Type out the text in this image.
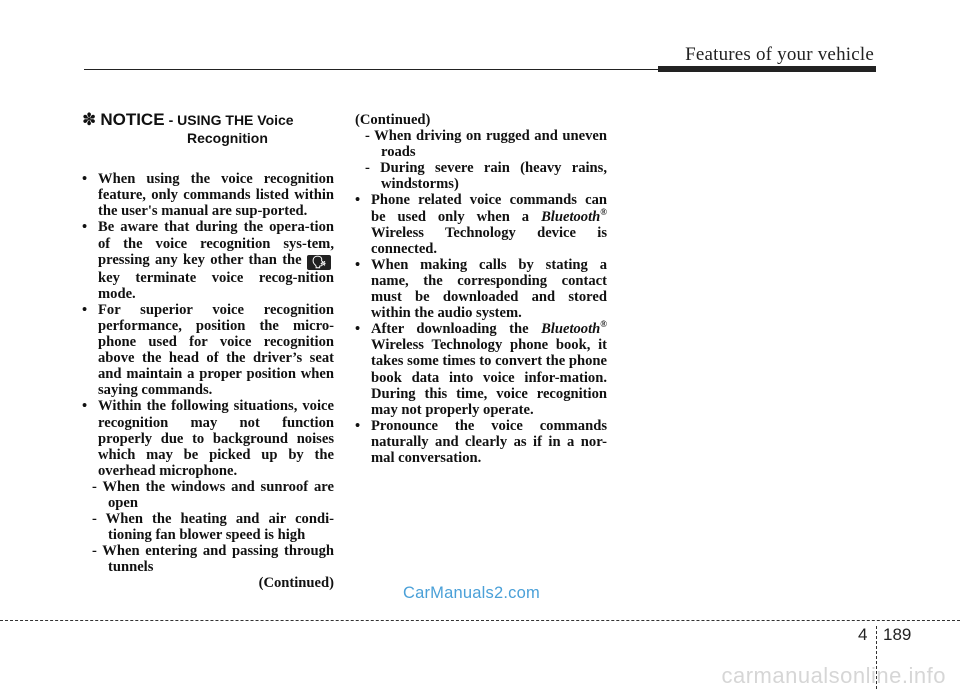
Features of your vehicle
✽ NOTICE - USING THE Voice
Recognition
• When using the voice recognition feature, only commands listed within the user's manual are sup-ported.
• Be aware that during the opera-tion of the voice recognition sys-tem, pressing any key other than the 🗣key terminate voice recog-nition mode.
• For superior voice recognition performance, position the micro-phone used for voice recognition above the head of the driver’s seat and maintain a proper position when saying commands.
• Within the following situations, voice recognition may not function properly due to background noises which may be picked up by the overhead microphone.
- When the windows and sunroof are open
- When the heating and air condi-tioning fan blower speed is high
- When entering and passing through tunnels
(Continued)
(Continued)
- When driving on rugged and uneven roads
- During severe rain (heavy rains, windstorms)
• Phone related voice commands can be used only when a Bluetooth® Wireless Technology device is connected.
• When making calls by stating a name, the corresponding contact must be downloaded and stored within the audio system.
• After downloading the Bluetooth® Wireless Technology phone book, it takes some times to convert the phone book data into voice infor-mation. During this time, voice recognition may not properly operate.
• Pronounce the voice commands naturally and clearly as if in a nor-mal conversation.
CarManuals2.com
4 189
carmanualsonline.info
